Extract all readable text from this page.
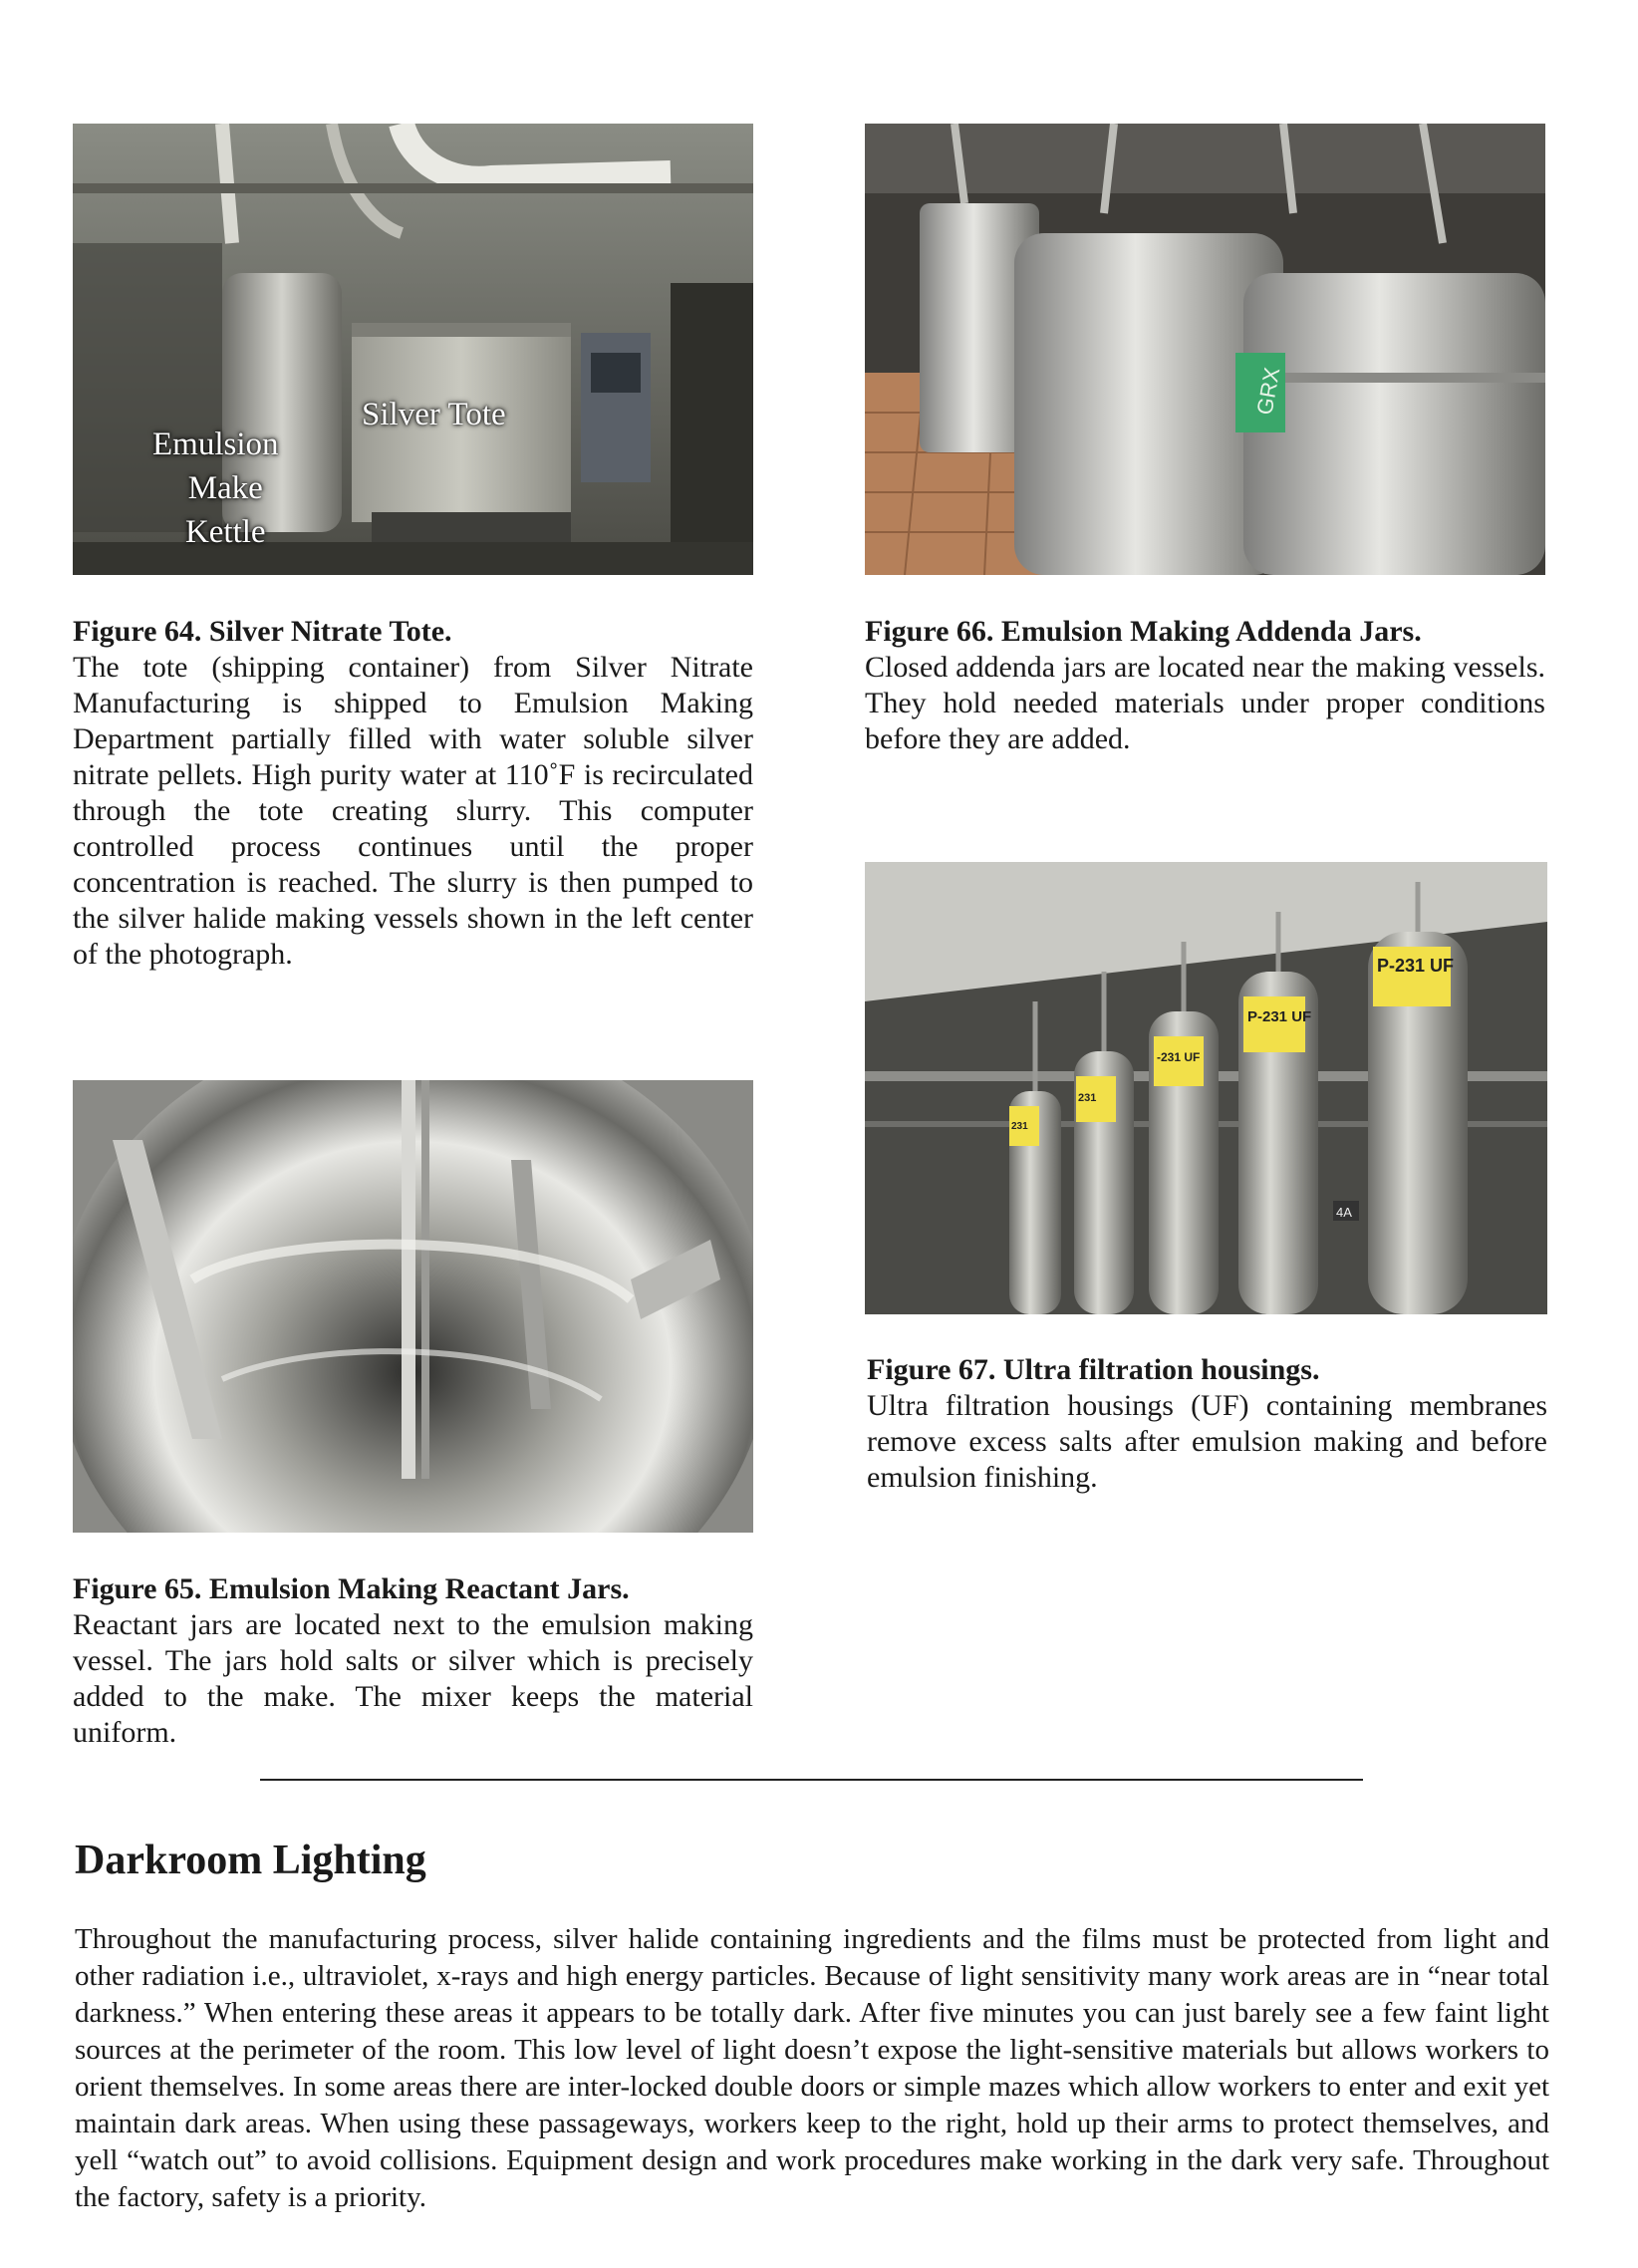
Emulsion
Make
Kettle
Silver Tote
Figure 64. Silver Nitrate Tote.
The tote (shipping container) from Silver Nitrate Manufacturing is shipped to Emulsion Making Department partially filled with water soluble silver nitrate pellets. High purity water at 110˚F is recirculated through the tote creating slurry. This computer controlled process continues until the proper concentration is reached. The slurry is then pumped to the silver halide making vessels shown in the left center of the photograph.
GRX
Figure 66. Emulsion Making Addenda Jars.
Closed addenda jars are located near the making vessels. They hold needed materials under proper conditions before they are added.
Figure 65. Emulsion Making Reactant Jars.
Reactant jars are located next to the emulsion making vessel. The jars hold salts or silver which is precisely added to the make. The mixer keeps the material uniform.
P-231 UF
P-231 UF
-231 UF
231
231
4A
Figure 67. Ultra filtration housings.
Ultra filtration housings (UF) containing membranes remove excess salts after emulsion making and before emulsion finishing.
Darkroom Lighting

Throughout the manufacturing process, silver halide containing ingredients and the films must be protected from light and other radiation i.e., ultraviolet, x-rays and high energy particles. Because of light sensitivity many work areas are in “near total darkness.” When entering these areas it appears to be totally dark. After five minutes you can just barely see a few faint light sources at the perimeter of the room. This low level of light doesn’t expose the light-sensitive materials but allows workers to orient themselves. In some areas there are inter-locked double doors or simple mazes which allow workers to enter and exit yet maintain dark areas. When using these passageways, workers keep to the right, hold up their arms to protect themselves, and yell “watch out” to avoid collisions. Equipment design and work procedures make working in the dark very safe. Throughout the factory, safety is a priority.
